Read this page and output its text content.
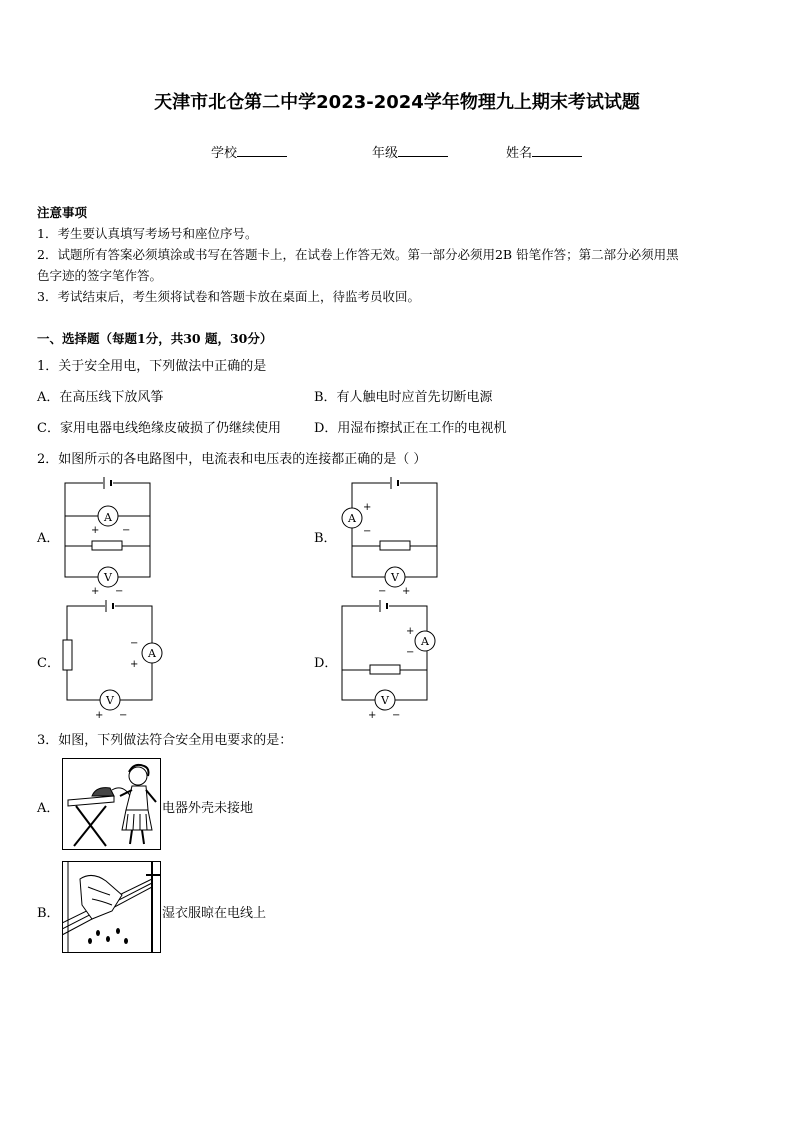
天津市北仓第二中学2023-2024学年物理九上期末考试试题
学校	年级	姓名
注意事项
1．考生要认真填写考场号和座位序号。
2．试题所有答案必须填涂或书写在答题卡上，在试卷上作答无效。第一部分必须用2B 铅笔作答；第二部分必须用黑
色字迹的签字笔作答。
3．考试结束后，考生须将试卷和答题卡放在桌面上，待监考员收回。
一、选择题（每题1分，共30 题，30分）
1．关于安全用电，下列做法中正确的是
A．在高压线下放风筝	B．有人触电时应首先切断电源
C．家用电器电线绝缘皮破损了仍继续使用	D．用湿布擦拭正在工作的电视机
2．如图所示的各电路图中，电流表和电压表的连接都正确的是（ ）
A．	B．
C．	D．
A
+ −
V
+ −
A
+
−
V
− +
A
−
+
V
+ −
A
+
−
V
+ −
3．如图，下列做法符合安全用电要求的是：
A．	电器外壳未接地
B．	湿衣服晾在电线上
